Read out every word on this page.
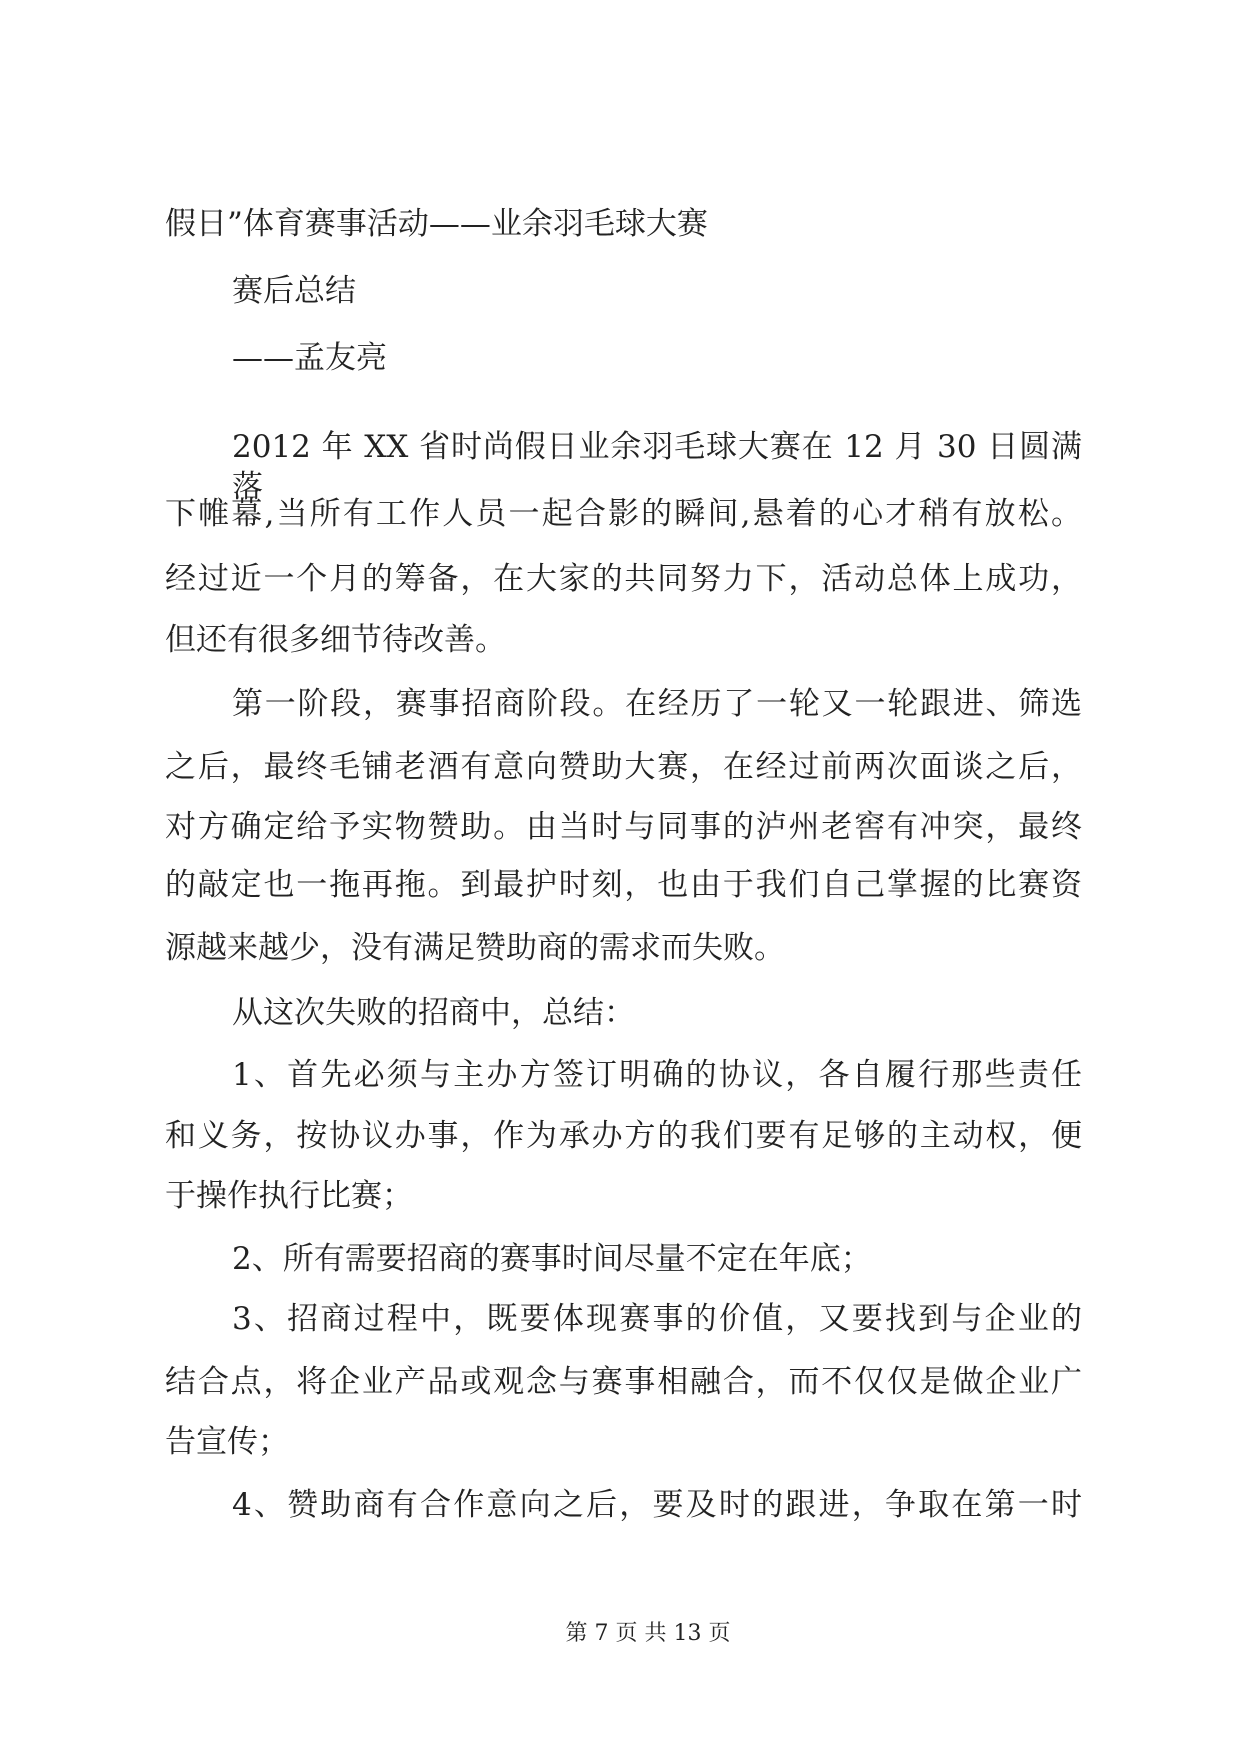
假日”体育赛事活动——业余羽毛球大赛
赛后总结
——孟友亮
2012 年 XX 省时尚假日业余羽毛球大赛在 12 月 30 日圆满落
下帷幕,当所有工作人员一起合影的瞬间,悬着的心才稍有放松。
经过近一个月的筹备，在大家的共同努力下，活动总体上成功，
但还有很多细节待改善。
第一阶段，赛事招商阶段。在经历了一轮又一轮跟进、筛选
之后，最终毛铺老酒有意向赞助大赛，在经过前两次面谈之后，
对方确定给予实物赞助。由当时与同事的泸州老窖有冲突，最终
的敲定也一拖再拖。到最护时刻，也由于我们自己掌握的比赛资
源越来越少，没有满足赞助商的需求而失败。
从这次失败的招商中，总结：
1、首先必须与主办方签订明确的协议，各自履行那些责任
和义务，按协议办事，作为承办方的我们要有足够的主动权，便
于操作执行比赛；
2、所有需要招商的赛事时间尽量不定在年底；
3、招商过程中，既要体现赛事的价值，又要找到与企业的
结合点，将企业产品或观念与赛事相融合，而不仅仅是做企业广
告宣传；
4、赞助商有合作意向之后，要及时的跟进，争取在第一时
第 7 页 共 13 页
